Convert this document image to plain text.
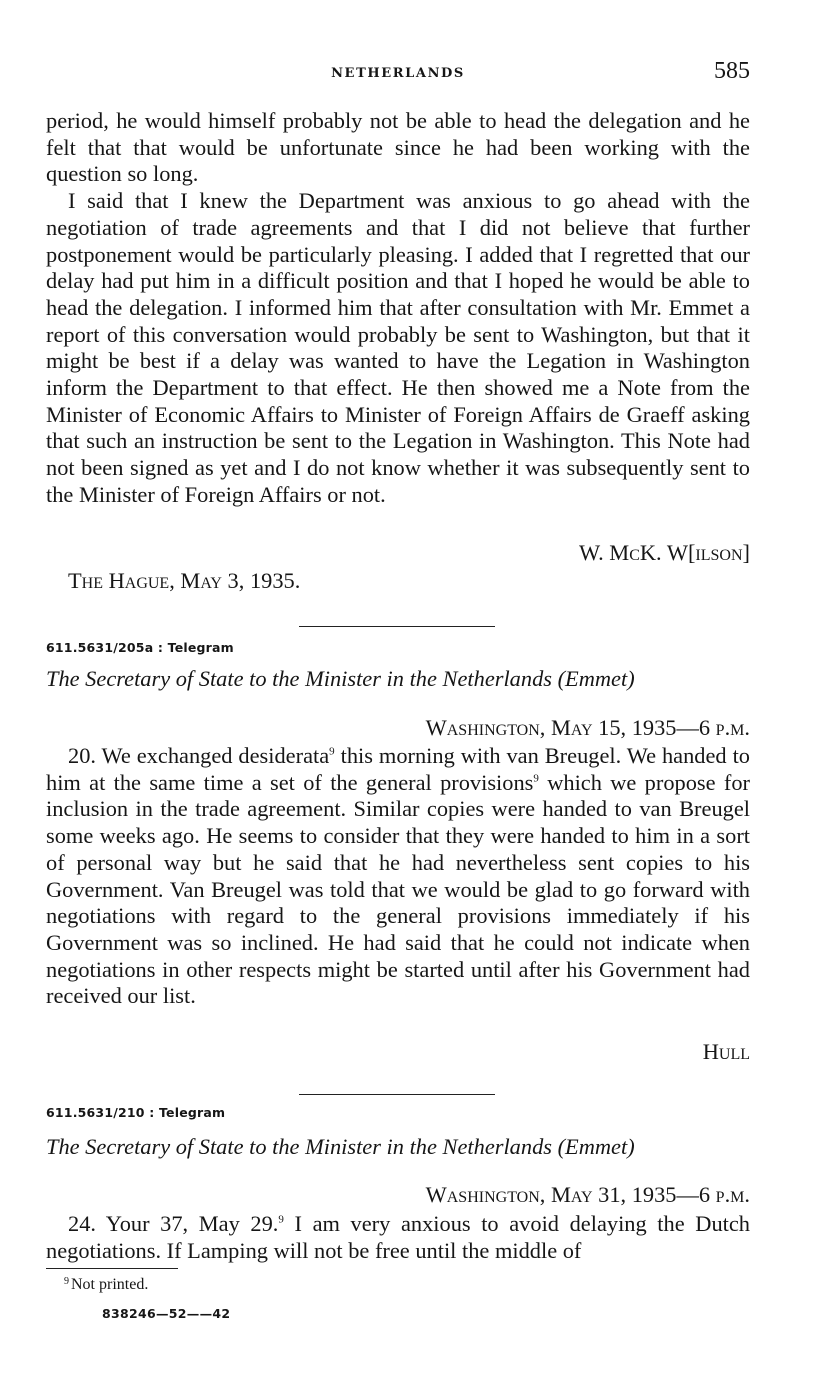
NETHERLANDS	585

period, he would himself probably not be able to head the delegation and he felt that that would be unfortunate since he had been working with the question so long.

I said that I knew the Department was anxious to go ahead with the negotiation of trade agreements and that I did not believe that further postponement would be particularly pleasing. I added that I regretted that our delay had put him in a difficult position and that I hoped he would be able to head the delegation. I informed him that after consultation with Mr. Emmet a report of this conversation would probably be sent to Washington, but that it might be best if a delay was wanted to have the Legation in Washington inform the Department to that effect. He then showed me a Note from the Minister of Economic Affairs to Minister of Foreign Affairs de Graeff asking that such an instruction be sent to the Legation in Washington. This Note had not been signed as yet and I do not know whether it was subsequently sent to the Minister of Foreign Affairs or not.

W. McK. W[ilson]
The Hague, May 3, 1935.
611.5631/205a : Telegram
The Secretary of State to the Minister in the Netherlands (Emmet)
Washington, May 15, 1935—6 p.m.

20. We exchanged desiderata$^9$ this morning with van Breugel. We handed to him at the same time a set of the general provisions$^9$ which we propose for inclusion in the trade agreement. Similar copies were handed to van Breugel some weeks ago. He seems to consider that they were handed to him in a sort of personal way but he said that he had nevertheless sent copies to his Government. Van Breugel was told that we would be glad to go forward with negotiations with regard to the general provisions immediately if his Government was so inclined. He had said that he could not indicate when negotiations in other respects might be started until after his Government had received our list.

Hull
611.5631/210 : Telegram
The Secretary of State to the Minister in the Netherlands (Emmet)
Washington, May 31, 1935—6 p.m.

24. Your 37, May 29.$^9$ I am very anxious to avoid delaying the Dutch negotiations. If Lamping will not be free until the middle of

$^9$ Not printed.
838246—52——42
